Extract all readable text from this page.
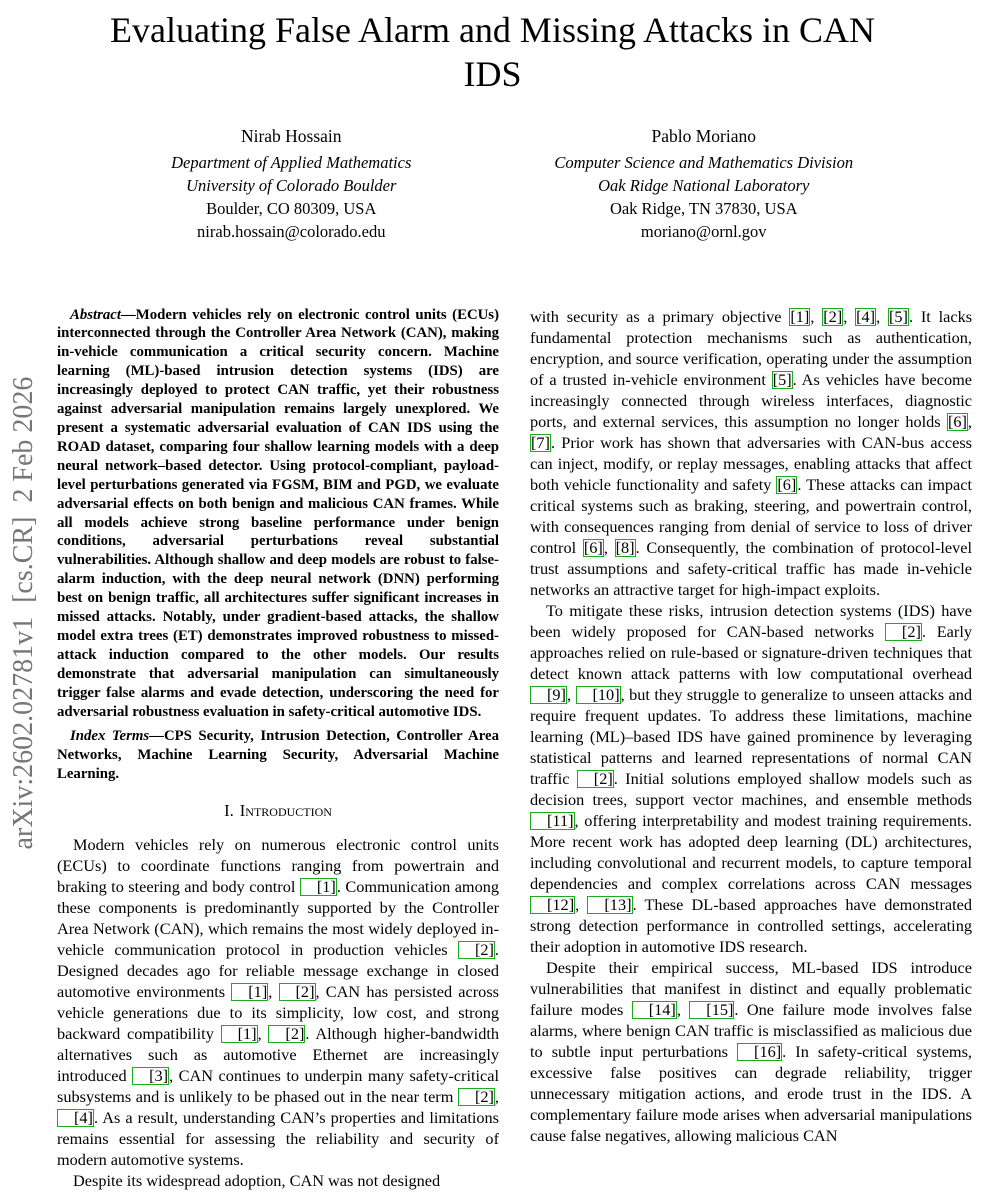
arXiv:2602.02781v1  [cs.CR]  2 Feb 2026
Evaluating False Alarm and Missing Attacks in CAN IDS
Nirab Hossain
Department of Applied Mathematics
University of Colorado Boulder
Boulder, CO 80309, USA
nirab.hossain@colorado.edu
Pablo Moriano
Computer Science and Mathematics Division
Oak Ridge National Laboratory
Oak Ridge, TN 37830, USA
moriano@ornl.gov

Abstract—Modern vehicles rely on electronic control units (ECUs) interconnected through the Controller Area Network (CAN), making in-vehicle communication a critical security concern. Machine learning (ML)-based intrusion detection systems (IDS) are increasingly deployed to protect CAN traffic, yet their robustness against adversarial manipulation remains largely unexplored. We present a systematic adversarial evaluation of CAN IDS using the ROAD dataset, comparing four shallow learning models with a deep neural network–based detector. Using protocol-compliant, payload-level perturbations generated via FGSM, BIM and PGD, we evaluate adversarial effects on both benign and malicious CAN frames. While all models achieve strong baseline performance under benign conditions, adversarial perturbations reveal substantial vulnerabilities. Although shallow and deep models are robust to false-alarm induction, with the deep neural network (DNN) performing best on benign traffic, all architectures suffer significant increases in missed attacks. Notably, under gradient-based attacks, the shallow model extra trees (ET) demonstrates improved robustness to missed-attack induction compared to the other models. Our results demonstrate that adversarial manipulation can simultaneously trigger false alarms and evade detection, underscoring the need for adversarial robustness evaluation in safety-critical automotive IDS.

Index Terms—CPS Security, Intrusion Detection, Controller Area Networks, Machine Learning Security, Adversarial Machine Learning.

I. Introduction

Modern vehicles rely on numerous electronic control units (ECUs) to coordinate functions ranging from powertrain and braking to steering and body control [1]. Communication among these components is predominantly supported by the Controller Area Network (CAN), which remains the most widely deployed in-vehicle communication protocol in production vehicles [2]. Designed decades ago for reliable message exchange in closed automotive environments [1], [2], CAN has persisted across vehicle generations due to its simplicity, low cost, and strong backward compatibility [1], [2]. Although higher-bandwidth alternatives such as automotive Ethernet are increasingly introduced [3], CAN continues to underpin many safety-critical subsystems and is unlikely to be phased out in the near term [2], [4]. As a result, understanding CAN’s properties and limitations remains essential for assessing the reliability and security of modern automotive systems.

Despite its widespread adoption, CAN was not designed

with security as a primary objective [1], [2], [4], [5]. It lacks fundamental protection mechanisms such as authentication, encryption, and source verification, operating under the assumption of a trusted in-vehicle environment [5]. As vehicles have become increasingly connected through wireless interfaces, diagnostic ports, and external services, this assumption no longer holds [6], [7]. Prior work has shown that adversaries with CAN-bus access can inject, modify, or replay messages, enabling attacks that affect both vehicle functionality and safety [6]. These attacks can impact critical systems such as braking, steering, and powertrain control, with consequences ranging from denial of service to loss of driver control [6], [8]. Consequently, the combination of protocol-level trust assumptions and safety-critical traffic has made in-vehicle networks an attractive target for high-impact exploits.

To mitigate these risks, intrusion detection systems (IDS) have been widely proposed for CAN-based networks [2]. Early approaches relied on rule-based or signature-driven techniques that detect known attack patterns with low computational overhead [9], [10], but they struggle to generalize to unseen attacks and require frequent updates. To address these limitations, machine learning (ML)–based IDS have gained prominence by leveraging statistical patterns and learned representations of normal CAN traffic [2]. Initial solutions employed shallow models such as decision trees, support vector machines, and ensemble methods [11], offering interpretability and modest training requirements. More recent work has adopted deep learning (DL) architectures, including convolutional and recurrent models, to capture temporal dependencies and complex correlations across CAN messages [12], [13]. These DL-based approaches have demonstrated strong detection performance in controlled settings, accelerating their adoption in automotive IDS research.

Despite their empirical success, ML-based IDS introduce vulnerabilities that manifest in distinct and equally problematic failure modes [14], [15]. One failure mode involves false alarms, where benign CAN traffic is misclassified as malicious due to subtle input perturbations [16]. In safety-critical systems, excessive false positives can degrade reliability, trigger unnecessary mitigation actions, and erode trust in the IDS. A complementary failure mode arises when adversarial manipulations cause false negatives, allowing malicious CAN
